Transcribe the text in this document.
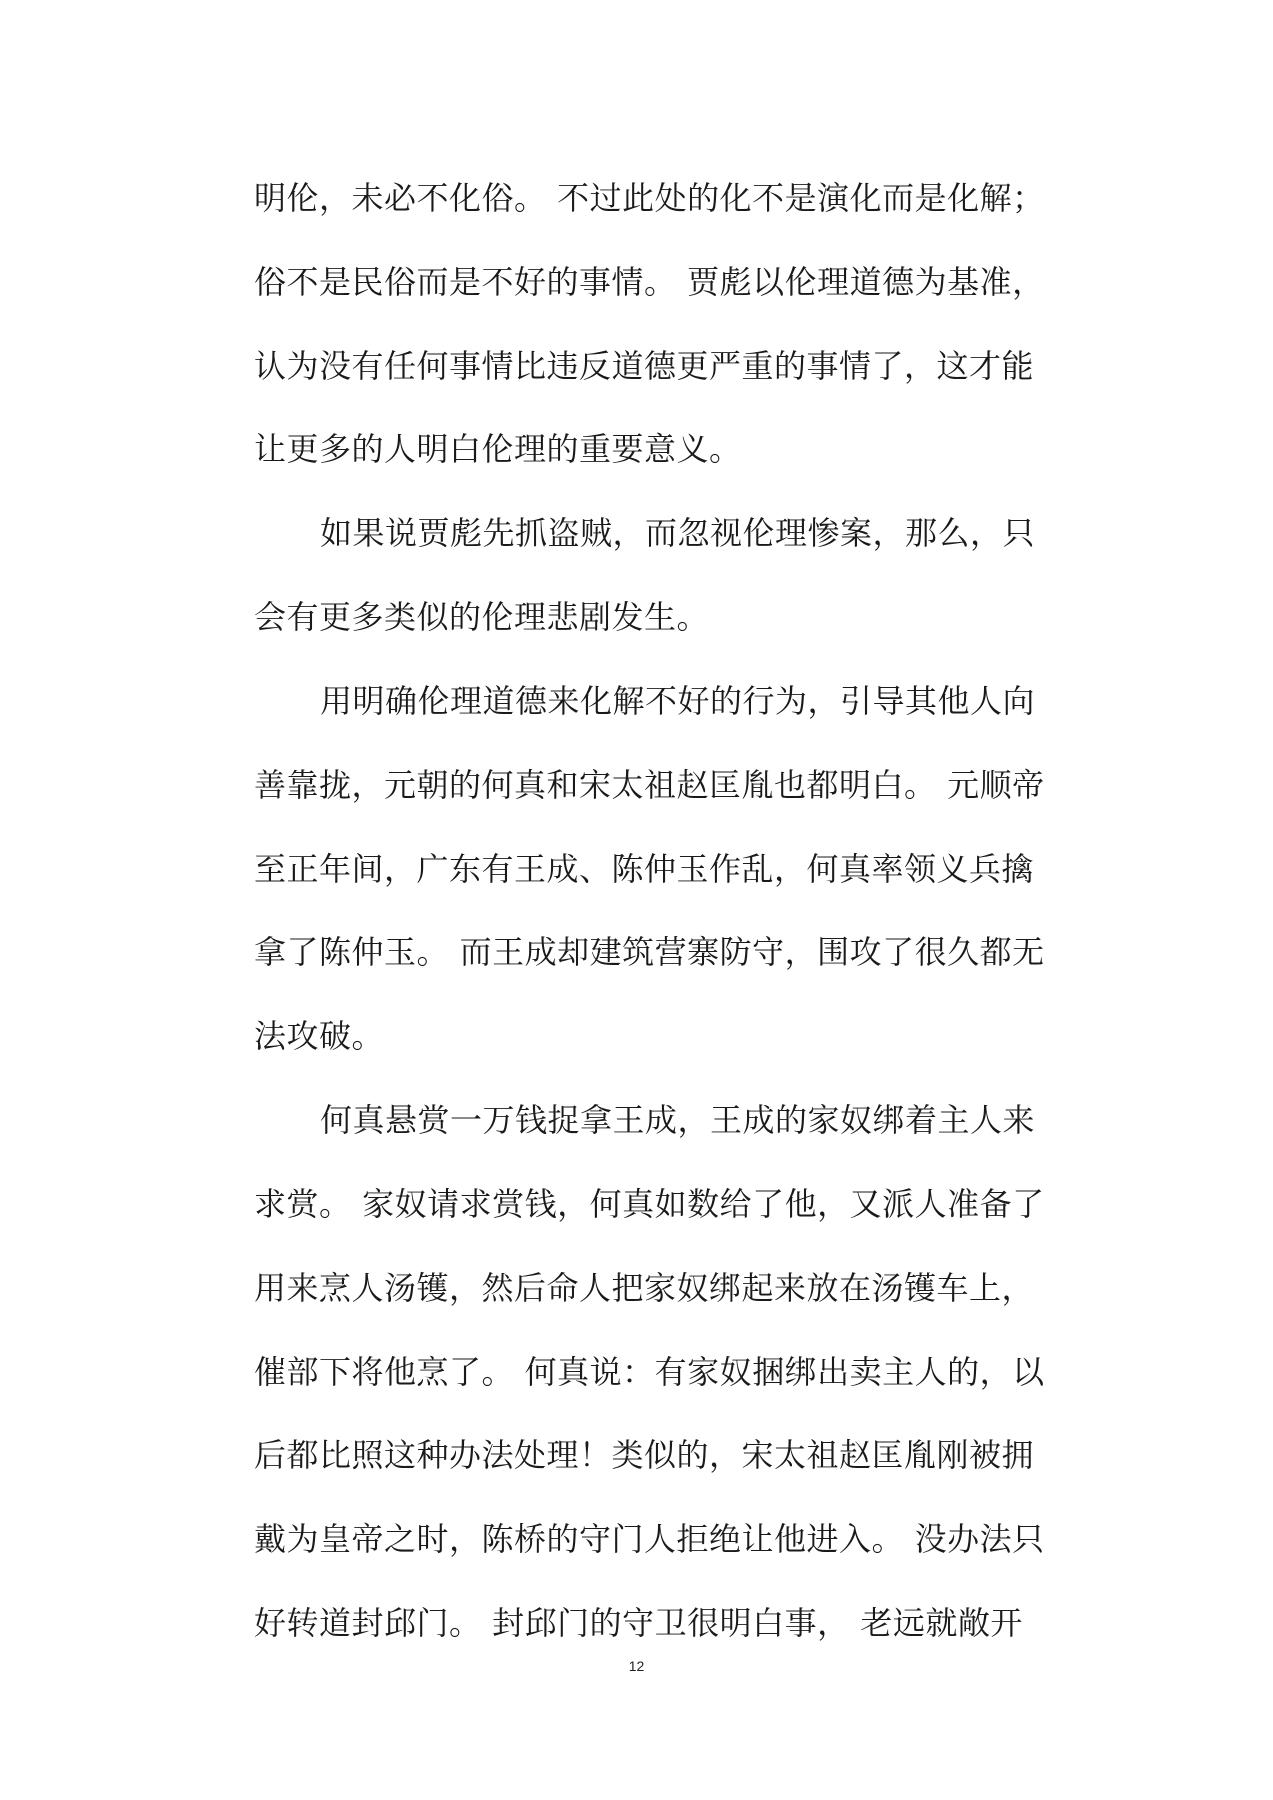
明伦，未必不化俗。 不过此处的化不是演化而是化解；
俗不是民俗而是不好的事情。 贾彪以伦理道德为基准，
认为没有任何事情比违反道德更严重的事情了，这才能
让更多的人明白伦理的重要意义。
如果说贾彪先抓盗贼，而忽视伦理惨案，那么，只
会有更多类似的伦理悲剧发生。
用明确伦理道德来化解不好的行为，引导其他人向
善靠拢，元朝的何真和宋太祖赵匡胤也都明白。 元顺帝
至正年间，广东有王成、陈仲玉作乱，何真率领义兵擒
拿了陈仲玉。 而王成却建筑营寨防守，围攻了很久都无
法攻破。
何真悬赏一万钱捉拿王成，王成的家奴绑着主人来
求赏。 家奴请求赏钱，何真如数给了他，又派人准备了
用来烹人汤镬，然后命人把家奴绑起来放在汤镬车上，
催部下将他烹了。 何真说：有家奴捆绑出卖主人的，以
后都比照这种办法处理！类似的，宋太祖赵匡胤刚被拥
戴为皇帝之时，陈桥的守门人拒绝让他进入。 没办法只
好转道封邱门。 封邱门的守卫很明白事， 老远就敞开
12
